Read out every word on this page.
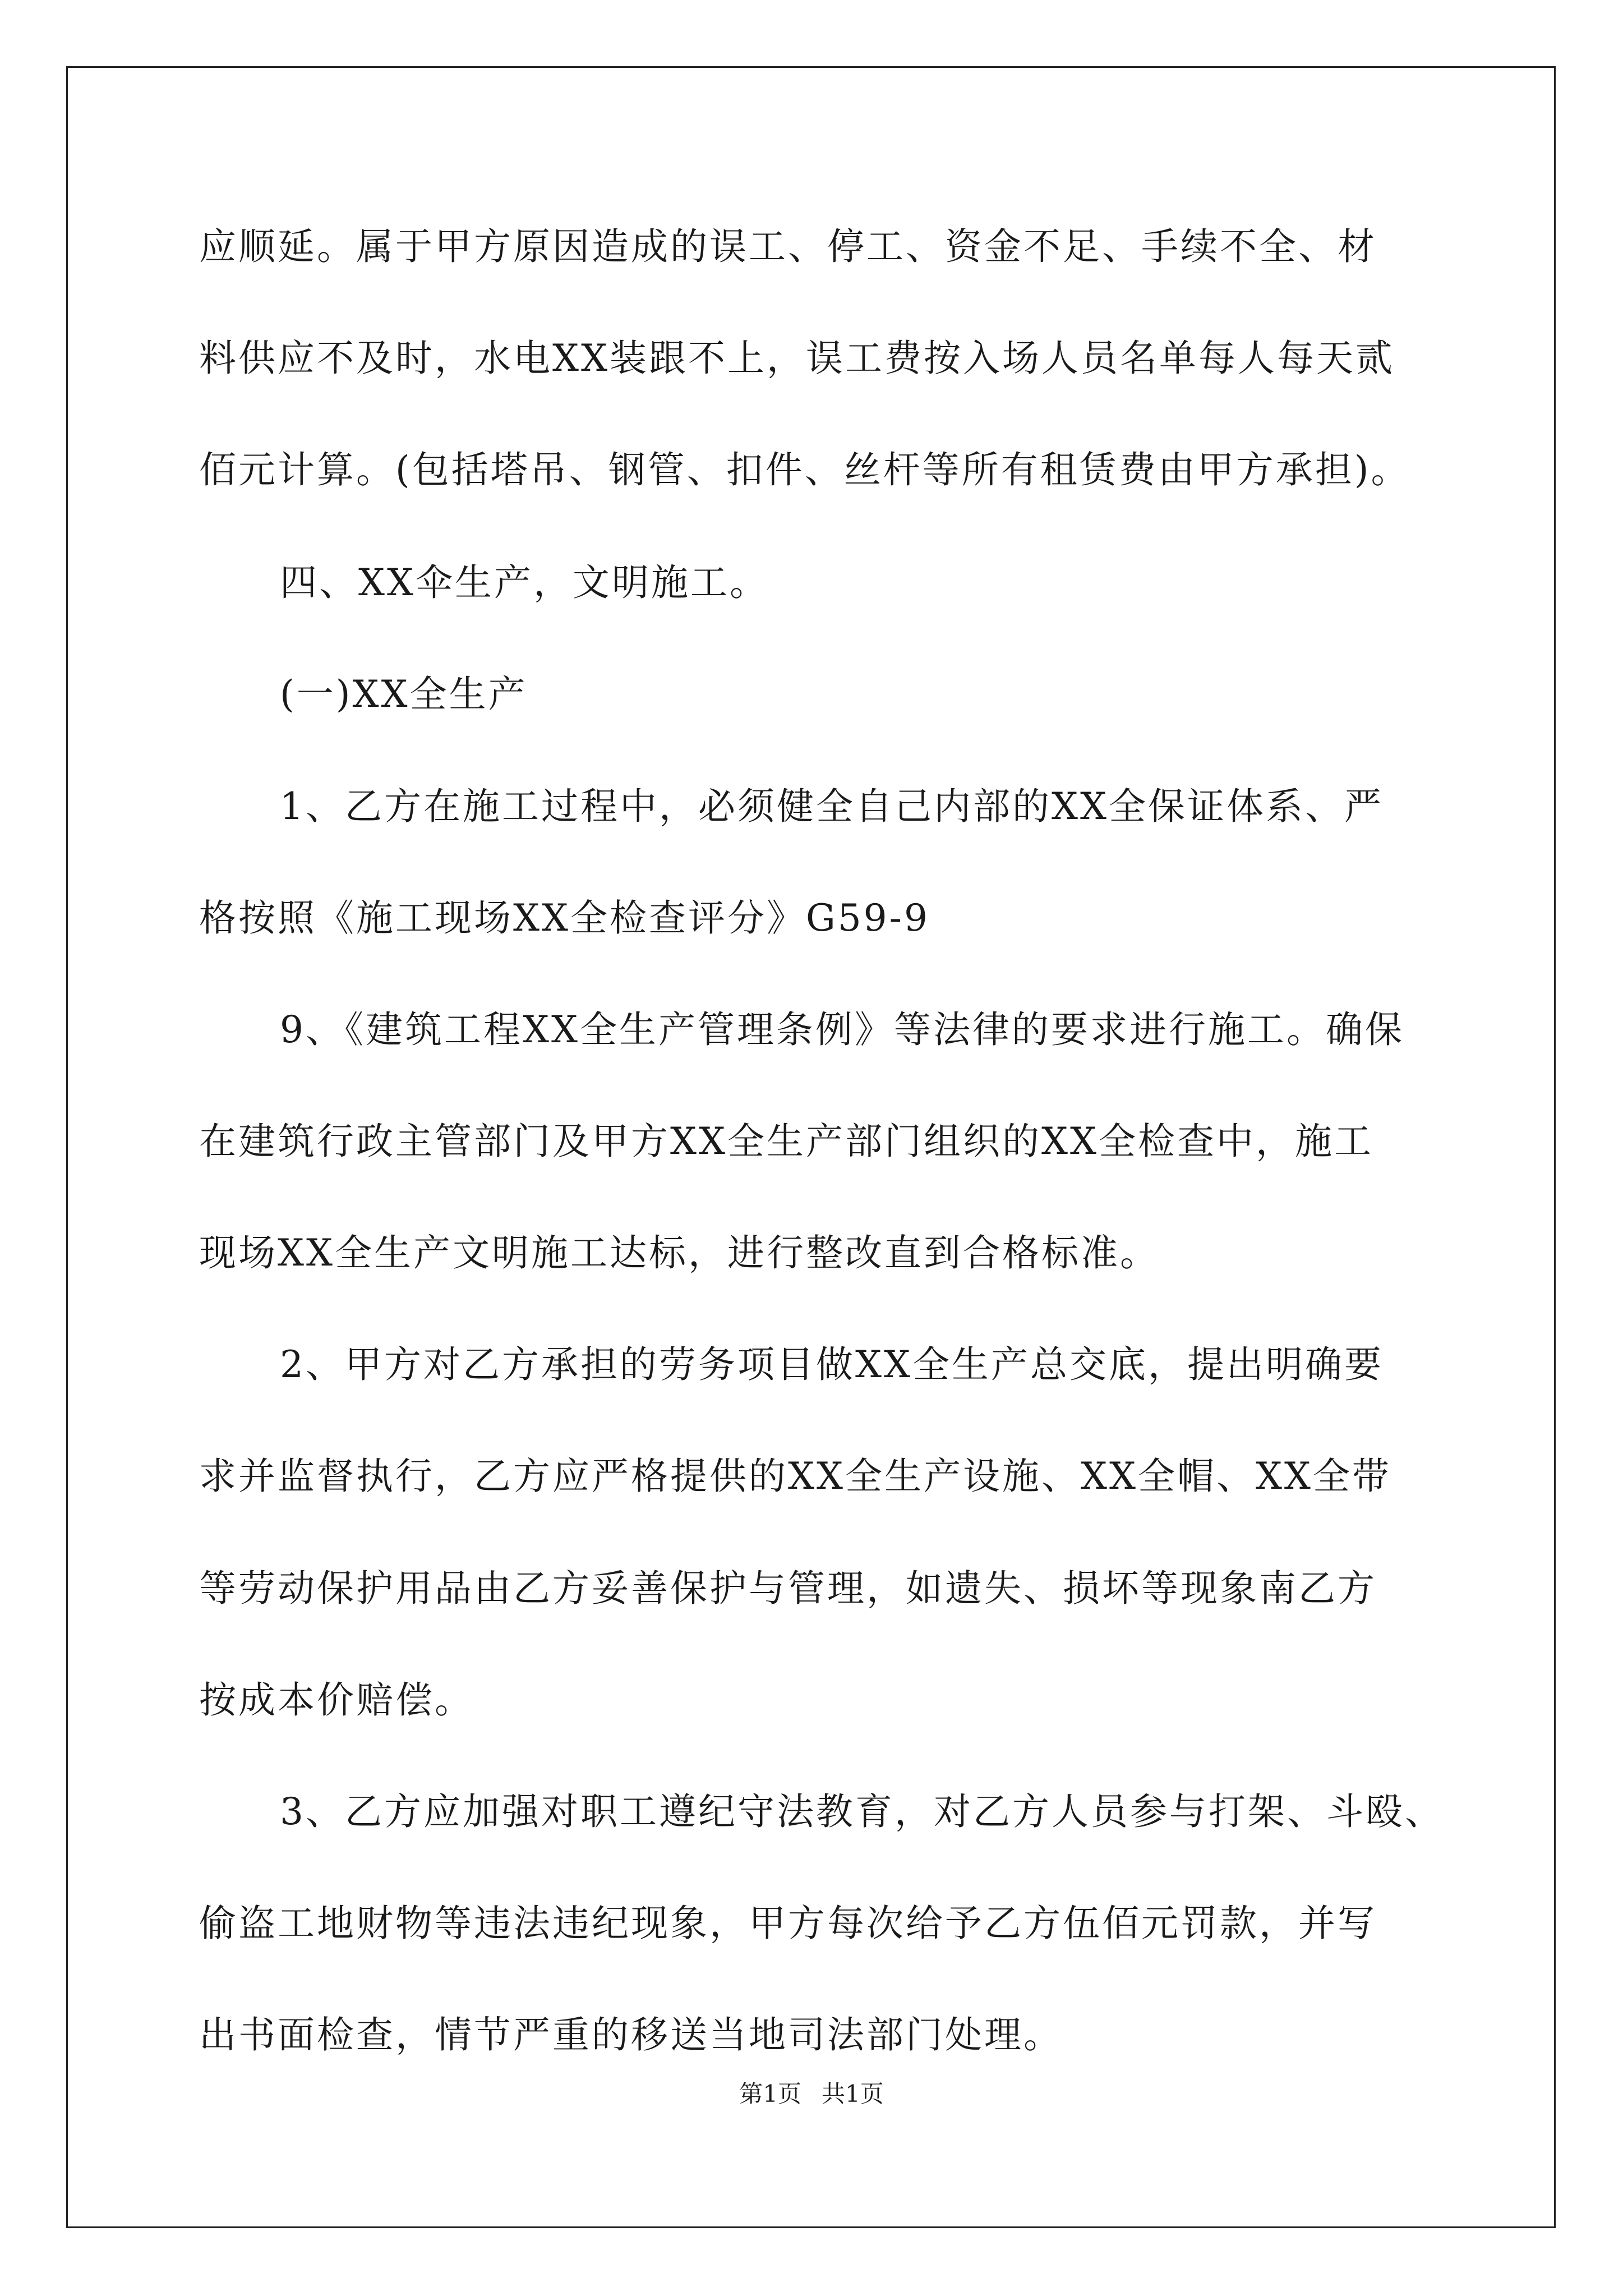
应顺延。属于甲方原因造成的误工、停工、资金不足、手续不全、材
料供应不及时，水电XX装跟不上，误工费按入场人员名单每人每天贰
佰元计算。(包括塔吊、钢管、扣件、丝杆等所有租赁费由甲方承担)。
四、XX伞生产，文明施工。
(一)XX全生产
1、乙方在施工过程中，必须健全自己内部的XX全保证体系、严
格按照《施工现场XX全检查评分》G59-9
9、《建筑工程XX全生产管理条例》等法律的要求进行施工。确保
在建筑行政主管部门及甲方XX全生产部门组织的XX全检查中，施工
现场XX全生产文明施工达标，进行整改直到合格标准。
2、甲方对乙方承担的劳务项目做XX全生产总交底，提出明确要
求并监督执行，乙方应严格提供的XX全生产设施、XX全帽、XX全带
等劳动保护用品由乙方妥善保护与管理，如遗失、损坏等现象南乙方
按成本价赔偿。
3、乙方应加强对职工遵纪守法教育，对乙方人员参与打架、斗殴、
偷盗工地财物等违法违纪现象，甲方每次给予乙方伍佰元罚款，并写
出书面检查，情节严重的移送当地司法部门处理。
第1页 共1页
